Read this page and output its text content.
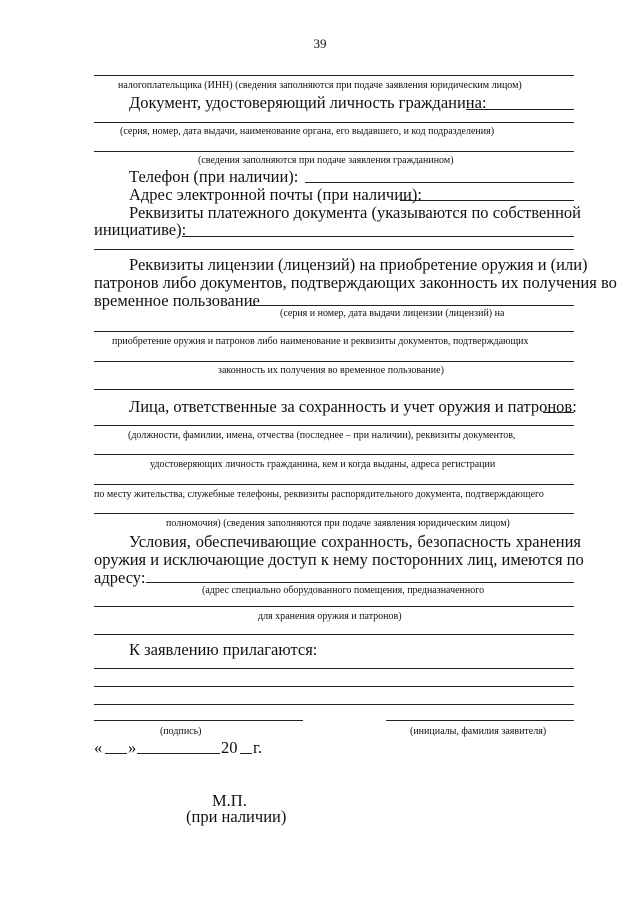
39
налогоплательщика (ИНН) (сведения заполняются при подаче заявления юридическим лицом)
Документ, удостоверяющий личность гражданина:
(серия, номер, дата выдачи, наименование органа, его выдавшего, и код подразделения)
(сведения заполняются при подаче заявления гражданином)
Телефон (при наличии):
Адрес электронной почты (при наличии):
Реквизиты платежного документа (указываются по собственной
инициативе):
Реквизиты лицензии (лицензий) на приобретение оружия и (или)
патронов либо документов, подтверждающих законность их получения во
временное пользование
(серия и номер, дата выдачи лицензии (лицензий) на
приобретение оружия и патронов либо наименование и реквизиты документов, подтверждающих
законность их получения во временное пользование)
Лица, ответственные за сохранность и учет оружия и патронов:
(должности, фамилии, имена, отчества (последнее – при наличии), реквизиты документов,
удостоверяющих личность гражданина, кем и когда выданы, адреса регистрации
по месту жительства, служебные телефоны, реквизиты распорядительного документа, подтверждающего
полномочия) (сведения заполняются при подаче заявления юридическим лицом)
Условия, обеспечивающие сохранность, безопасность хранения
оружия и исключающие доступ к нему посторонних лиц, имеются по
адресу:
(адрес специально оборудованного помещения, предназначенного
для хранения оружия и патронов)
К заявлению прилагаются:
(подпись)	(инициалы, фамилия заявителя)
« »	20 г.
М.П.
(при наличии)
